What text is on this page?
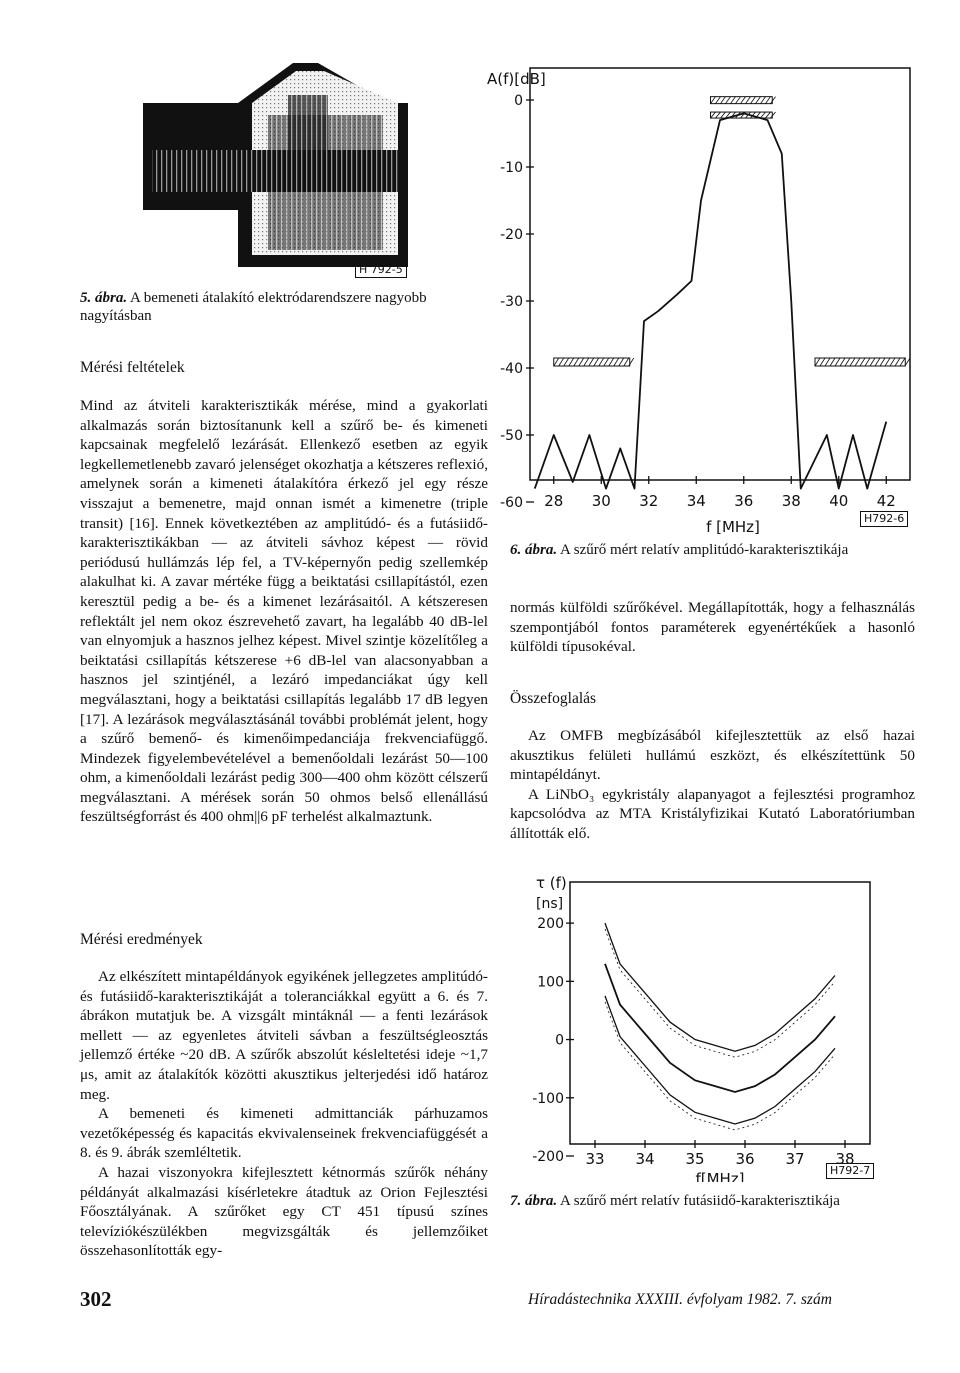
H 792-5
5. ábra. A bemeneti átalakító elektródarendszere nagyobb nagyításban
Mérési feltételek

Mind az átviteli karakterisztikák mérése, mind a gyakorlati alkalmazás során biztosítanunk kell a szűrő be- és kimeneti kapcsainak megfelelő lezárását. Ellenkező esetben az egyik legkellemetlenebb zavaró jelenséget okozhatja a kétszeres reflexió, amelynek során a kimeneti átalakítóra érkező jel egy része visszajut a bemenetre, majd onnan ismét a kimenetre (triple transit) [16]. Ennek következtében az amplitúdó- és a futásiidő-karakterisztikákban — az átviteli sávhoz képest — rövid periódusú hullámzás lép fel, a TV-képernyőn pedig szellemkép alakulhat ki. A zavar mértéke függ a beiktatási csillapítástól, ezen keresztül pedig a be- és a kimenet lezárásaitól. A kétszeresen reflektált jel nem okoz észrevehető zavart, ha legalább 40 dB-lel van elnyomjuk a hasznos jelhez képest. Mivel szintje közelítőleg a beiktatási csillapítás kétszerese +6 dB-lel van alacsonyabban a hasznos jel szintjénél, a lezáró impedanciákat úgy kell megválasztani, hogy a beiktatási csillapítás legalább 17 dB legyen [17]. A lezárások megválasztásánál további problémát jelent, hogy a szűrő bemenő- és kimenőimpedanciája frekvenciafüggő. Mindezek figyelembevételével a bemenőoldali lezárást 50—100 ohm, a kimenőoldali lezárást pedig 300—400 ohm között célszerű megválasztani. A mérések során 50 ohmos belső ellenállású feszültségforrást és 400 ohm||6 pF terhelést alkalmaztunk.

Mérési eredmények

Az elkészített mintapéldányok egyikének jellegzetes amplitúdó- és futásiidő-karakterisztikáját a toleranciákkal együtt a 6. és 7. ábrákon mutatjuk be. A vizsgált mintáknál — a fenti lezárások mellett — az egyenletes átviteli sávban a feszültségleosztás jellemző értéke ~20 dB. A szűrők abszolút késleltetési ideje ~1,7 μs, amit az átalakítók közötti akusztikus jelterjedési idő határoz meg.

A bemeneti és kimeneti admittanciák párhuzamos vezetőképesség és kapacitás ekvivalenseinek frekvenciafüggését a 8. és 9. ábrák szemléltetik.

A hazai viszonyokra kifejlesztett kétnormás szűrők néhány példányát alkalmazási kísérletekre átadtuk az Orion Fejlesztési Főosztályának. A szűrőket egy CT 451 típusú színes televíziókészülékben megvizsgálták és jellemzőiket összehasonlították egy-

A(f)[dB]
0
-10
-20
-30
-40
-50
-60 28 30 32 34 36 38 40 42
f [MHz]	H792-6
6. ábra. A szűrő mért relatív amplitúdó-karakterisztikája

normás külföldi szűrőkével. Megállapították, hogy a felhasználás szempontjából fontos paraméterek egyenértékűek a hasonló külföldi típusokéval.

Összefoglalás

Az OMFB megbízásából kifejlesztettük az első hazai akusztikus felületi hullámú eszközt, és elkészítettünk 50 mintapéldányt.

A LiNbO₃ egykristály alapanyagot a fejlesztési programhoz kapcsolódva az MTA Kristályfizikai Kutató Laboratóriumban állították elő.

τ (f)
[ns]
200
100
0
-100
-200 33 34 35 36 37 38
f[MHz]	H792-7
7. ábra. A szűrő mért relatív futásiidő-karakterisztikája
302	Híradástechnika XXXIII. évfolyam 1982. 7. szám
